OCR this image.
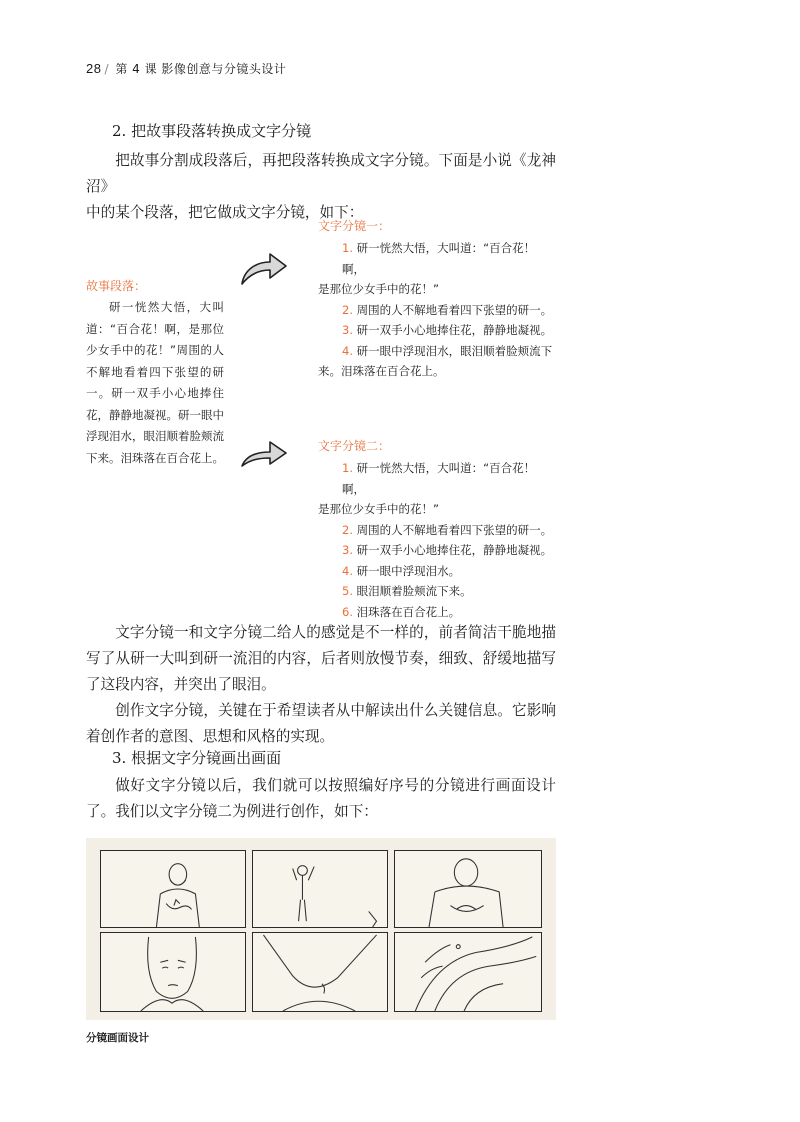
28 / 第 4 课 影像创意与分镜头设计
2. 把故事段落转换成文字分镜
把故事分割成段落后，再把段落转换成文字分镜。下面是小说《龙神沼》
中的某个段落，把它做成文字分镜，如下：
文字分镜一：
1. 研一恍然大悟，大叫道：“百合花！啊，
是那位少女手中的花！”
2. 周围的人不解地看着四下张望的研一。
3. 研一双手小心地捧住花，静静地凝视。
4. 研一眼中浮现泪水，眼泪顺着脸颊流下
来。泪珠落在百合花上。
故事段落：
研一恍然大悟，大叫道：“百合花！啊，是那位少女手中的花！”周围的人不解地看着四下张望的研一。研一双手小心地捧住花，静静地凝视。研一眼中浮现泪水，眼泪顺着脸颊流下来。泪珠落在百合花上。
文字分镜二：
1. 研一恍然大悟，大叫道：“百合花！啊，
是那位少女手中的花！”
2. 周围的人不解地看着四下张望的研一。
3. 研一双手小心地捧住花，静静地凝视。
4. 研一眼中浮现泪水。
5. 眼泪顺着脸颊流下来。
6. 泪珠落在百合花上。

文字分镜一和文字分镜二给人的感觉是不一样的，前者简洁干脆地描写了从研一大叫到研一流泪的内容，后者则放慢节奏，细致、舒缓地描写了这段内容，并突出了眼泪。

创作文字分镜，关键在于希望读者从中解读出什么关键信息。它影响着创作者的意图、思想和风格的实现。

3. 根据文字分镜画出画面

做好文字分镜以后，我们就可以按照编好序号的分镜进行画面设计了。我们以文字分镜二为例进行创作，如下：

分镜画面设计
